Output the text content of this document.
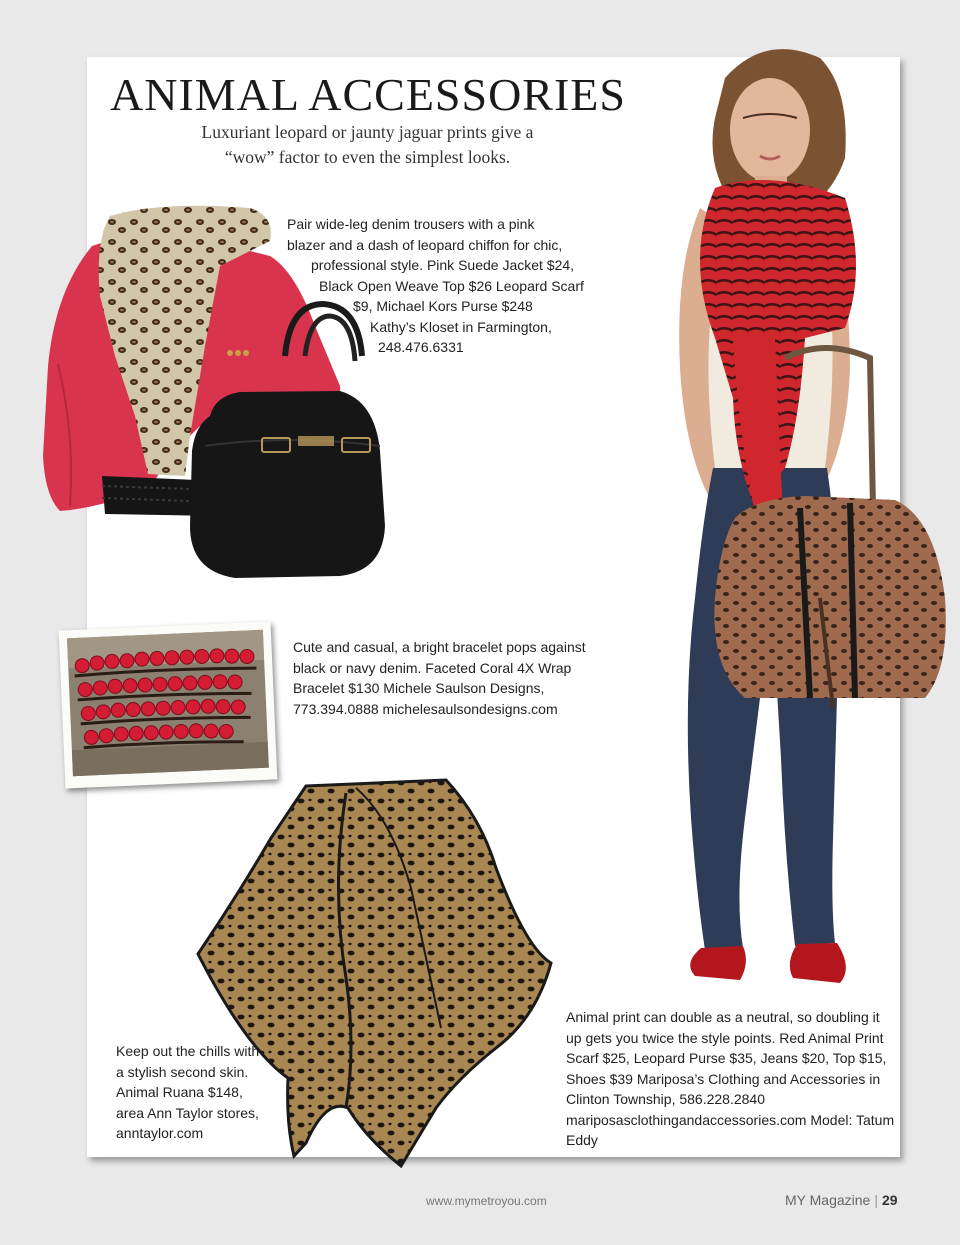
ANIMAL ACCESSORIES

Luxuriant leopard or jaunty jaguar prints give a “wow” factor to even the simplest looks.

Pair wide-leg denim trousers with a pink
blazer and a dash of leopard chiffon for chic,
professional style. Pink Suede Jacket $24,
Black Open Weave Top $26 Leopard Scarf
$9, Michael Kors Purse $248
Kathy’s Kloset in Farmington,
248.476.6331

Cute and casual, a bright bracelet pops against black or navy denim. Faceted Coral 4X Wrap Bracelet $130 Michele Saulson Designs, 773.394.0888 michelesaulsondesigns.com

Keep out the chills with a stylish second skin. Animal Ruana $148, area Ann Taylor stores, anntaylor.com

Animal print can double as a neutral, so doubling it up gets you twice the style points. Red Animal Print Scarf $25, Leopard Purse $35, Jeans $20, Top $15, Shoes $39 Mariposa’s Clothing and Accessories in Clinton Township, 586.228.2840 mariposasclothingandaccessories.com Model: Tatum Eddy

www.mymetroyou.com	MY Magazine | 29
